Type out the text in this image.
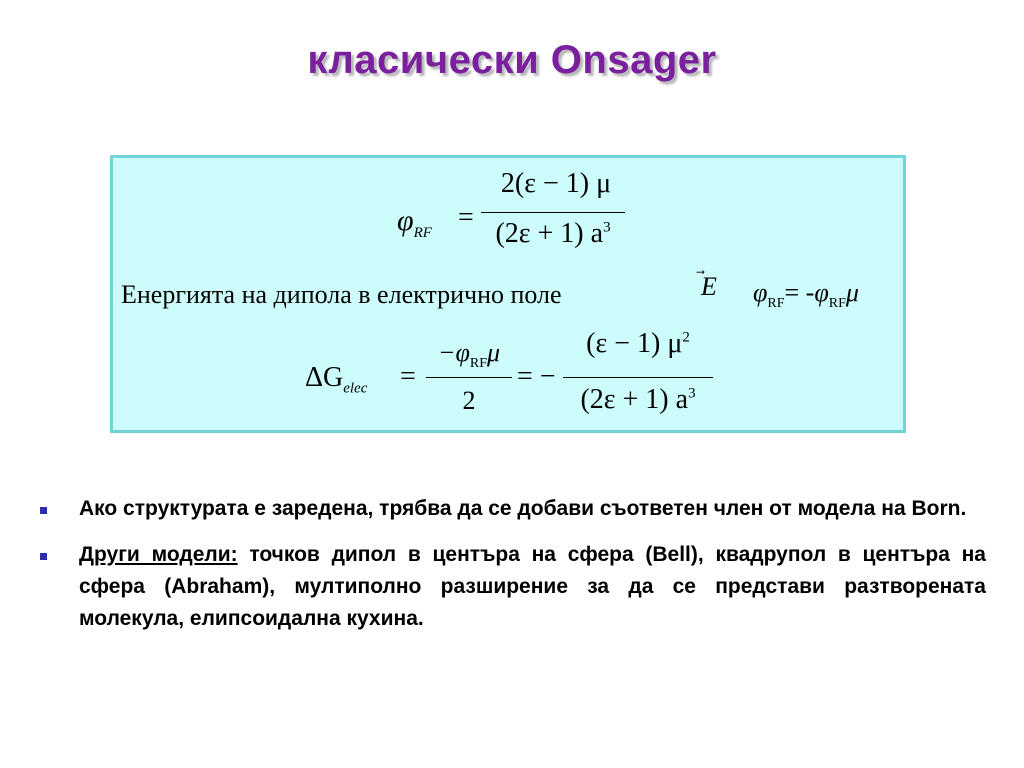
класически Onsager
$\varphi_{RF}$ =
2(ε − 1) μ
(2ε + 1) $a^3$
Енергията на дипола в електрично поле	E $\varphi_{RF}= -\varphi_{RF}\mu$
$\Delta G_{elec}$ =
$-\varphi_{RF}\mu$
2
= −
(ε − 1) $\mu^2$
(2ε + 1) $a^3$
Ако структурата е заредена, трябва да се добави съответен член от модела на Born.
Други модели: точков дипол в центъра на сфера (Bell), квадрупол в центъра на сфера (Abraham), мултиполно разширение за да се представи разтворената молекула, елипсоидална кухина.
